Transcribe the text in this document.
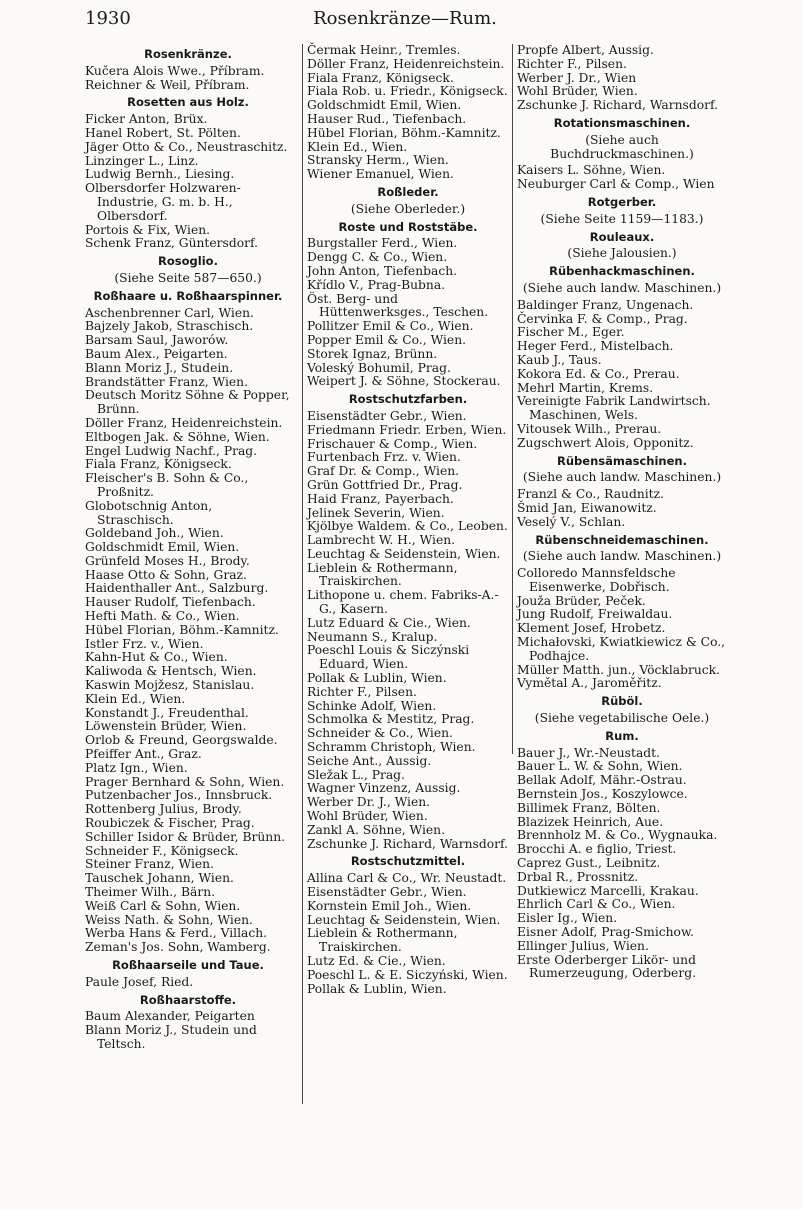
1930	Rosenkränze—Rum.
Rosenkränze.
Kučera Alois Wwe., Příbram.
Reichner & Weil, Příbram.
Rosetten aus Holz.
Ficker Anton, Brüx.
Hanel Robert, St. Pölten.
Jäger Otto & Co., Neustraschitz.
Linzinger L., Linz.
Ludwig Bernh., Liesing.
Olbersdorfer Holzwaren-Industrie, G. m. b. H., Olbersdorf.
Portois & Fix, Wien.
Schenk Franz, Güntersdorf.
Rosoglio.
(Siehe Seite 587—650.)
Roßhaare u. Roßhaarspinner.
Aschenbrenner Carl, Wien.
Bajzely Jakob, Straschisch.
Barsam Saul, Jaworów.
Baum Alex., Peigarten.
Blann Moriz J., Studein.
Brandstätter Franz, Wien.
Deutsch Moritz Söhne & Popper, Brünn.
Döller Franz, Heidenreichstein.
Eltbogen Jak. & Söhne, Wien.
Engel Ludwig Nachf., Prag.
Fiala Franz, Königseck.
Fleischer's B. Sohn & Co., Proßnitz.
Globotschnig Anton, Straschisch.
Goldeband Joh., Wien.
Goldschmidt Emil, Wien.
Grünfeld Moses H., Brody.
Haase Otto & Sohn, Graz.
Haidenthaller Ant., Salzburg.
Hauser Rudolf, Tiefenbach.
Hefti Math. & Co., Wien.
Hübel Florian, Böhm.-Kamnitz.
Istler Frz. v., Wien.
Kahn-Hut & Co., Wien.
Kaliwoda & Hentsch, Wien.
Kaswin Mojžesz, Stanislau.
Klein Ed., Wien.
Konstandt J., Freudenthal.
Löwenstein Brüder, Wien.
Orlob & Freund, Georgswalde.
Pfeiffer Ant., Graz.
Platz Ign., Wien.
Prager Bernhard & Sohn, Wien.
Putzenbacher Jos., Innsbruck.
Rottenberg Julius, Brody.
Roubiczek & Fischer, Prag.
Schiller Isidor & Brüder, Brünn.
Schneider F., Königseck.
Steiner Franz, Wien.
Tauschek Johann, Wien.
Theimer Wilh., Bärn.
Weiß Carl & Sohn, Wien.
Weiss Nath. & Sohn, Wien.
Werba Hans & Ferd., Villach.
Zeman's Jos. Sohn, Wamberg.
Roßhaarseile und Taue.
Paule Josef, Ried.
Roßhaarstoffe.
Baum Alexander, Peigarten
Blann Moriz J., Studein und Teltsch.
Čermak Heinr., Tremles.
Döller Franz, Heidenreichstein.
Fiala Franz, Königseck.
Fiala Rob. u. Friedr., Königseck.
Goldschmidt Emil, Wien.
Hauser Rud., Tiefenbach.
Hübel Florian, Böhm.-Kamnitz.
Klein Ed., Wien.
Stransky Herm., Wien.
Wiener Emanuel, Wien.
Roßleder.
(Siehe Oberleder.)
Roste und Roststäbe.
Burgstaller Ferd., Wien.
Dengg C. & Co., Wien.
John Anton, Tiefenbach.
Křídlo V., Prag-Bubna.
Öst. Berg- und Hüttenwerksges., Teschen.
Pollitzer Emil & Co., Wien.
Popper Emil & Co., Wien.
Storek Ignaz, Brünn.
Voleský Bohumil, Prag.
Weipert J. & Söhne, Stockerau.
Rostschutzfarben.
Eisenstädter Gebr., Wien.
Friedmann Friedr. Erben, Wien.
Frischauer & Comp., Wien.
Furtenbach Frz. v. Wien.
Graf Dr. & Comp., Wien.
Grün Gottfried Dr., Prag.
Haid Franz, Payerbach.
Jelinek Severin, Wien.
Kjölbye Waldem. & Co., Leoben.
Lambrecht W. H., Wien.
Leuchtag & Seidenstein, Wien.
Lieblein & Rothermann, Traiskirchen.
Lithopone u. chem. Fabriks-A.-G., Kasern.
Lutz Eduard & Cie., Wien.
Neumann S., Kralup.
Poeschl Louis & Siczýnski Eduard, Wien.
Pollak & Lublin, Wien.
Richter F., Pilsen.
Schinke Adolf, Wien.
Schmolka & Mestitz, Prag.
Schneider & Co., Wien.
Schramm Christoph, Wien.
Seiche Ant., Aussig.
Sležak L., Prag.
Wagner Vinzenz, Aussig.
Werber Dr. J., Wien.
Wohl Brüder, Wien.
Zankl A. Söhne, Wien.
Zschunke J. Richard, Warnsdorf.
Rostschutzmittel.
Allina Carl & Co., Wr. Neustadt.
Eisenstädter Gebr., Wien.
Kornstein Emil Joh., Wien.
Leuchtag & Seidenstein, Wien.
Lieblein & Rothermann, Traiskirchen.
Lutz Ed. & Cie., Wien.
Poeschl L. & E. Siczyński, Wien.
Pollak & Lublin, Wien.
Propfe Albert, Aussig.
Richter F., Pilsen.
Werber J. Dr., Wien
Wohl Brüder, Wien.
Zschunke J. Richard, Warnsdorf.
Rotationsmaschinen.
(Siehe auch Buchdruckmaschinen.)
Kaisers L. Söhne, Wien.
Neuburger Carl & Comp., Wien
Rotgerber.
(Siehe Seite 1159—1183.)
Rouleaux.
(Siehe Jalousien.)
Rübenhackmaschinen.
(Siehe auch landw. Maschinen.)
Baldinger Franz, Ungenach.
Červinka F. & Comp., Prag.
Fischer M., Eger.
Heger Ferd., Mistelbach.
Kaub J., Taus.
Kokora Ed. & Co., Prerau.
Mehrl Martin, Krems.
Vereinigte Fabrik Landwirtsch. Maschinen, Wels.
Vitousek Wilh., Prerau.
Zugschwert Alois, Opponitz.
Rübensämaschinen.
(Siehe auch landw. Maschinen.)
Franzl & Co., Raudnitz.
Šmid Jan, Eiwanowitz.
Veselý V., Schlan.
Rübenschneidemaschinen.
(Siehe auch landw. Maschinen.)
Colloredo Mannsfeldsche Eisenwerke, Dobřisch.
Jouža Brüder, Peček.
Jung Rudolf, Freiwaldau.
Klement Josef, Hrobetz.
Michałovski, Kwiatkiewicz & Co., Podhajce.
Müller Matth. jun., Vöcklabruck.
Vymětal A., Jaroměřitz.
Rüböl.
(Siehe vegetabilische Oele.)
Rum.
Bauer J., Wr.-Neustadt.
Bauer L. W. & Sohn, Wien.
Bellak Adolf, Mähr.-Ostrau.
Bernstein Jos., Koszylowce.
Billimek Franz, Bölten.
Blazizek Heinrich, Aue.
Brennholz M. & Co., Wygnauka.
Brocchi A. e figlio, Triest.
Caprez Gust., Leibnitz.
Drbal R., Prossnitz.
Dutkiewicz Marcelli, Krakau.
Ehrlich Carl & Co., Wien.
Eisler Ig., Wien.
Eisner Adolf, Prag-Smichow.
Ellinger Julius, Wien.
Erste Oderberger Likör- und Rumerzeugung, Oderberg.
